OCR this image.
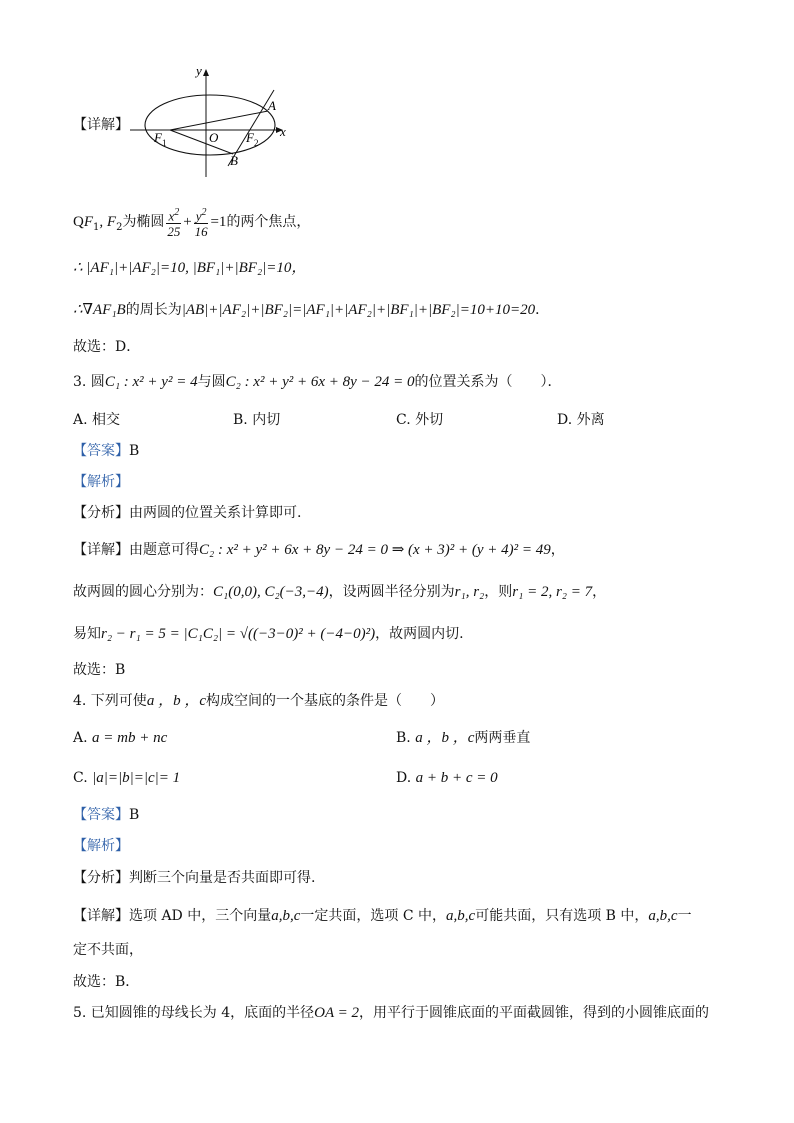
【详解】
y
x
A
B
O
F 1	F 2
$QF_1$, $F_2$为椭圆 $\frac{x^2}{25} + \frac{y^2}{16} =1$的两个焦点，
∴ |AF₁|+|AF₂|=10, |BF₁|+|BF₂|=10，
∴∇AF₁B的周长为|AB|+|AF₂|+|BF₂|=|AF₁|+|AF₂|+|BF₁|+|BF₂|=10+10=20．
故选：D．
3. 圆C₁ : x² + y² = 4与圆C₂ : x² + y² + 6x + 8y − 24 = 0的位置关系为（　　）．
A. 相交	B. 内切	C. 外切	D. 外离
【答案】B
【解析】
【分析】由两圆的位置关系计算即可.
【详解】由题意可得C₂ : x² + y² + 6x + 8y − 24 = 0 ⇒ (x + 3)² + (y + 4)² = 49，
故两圆的圆心分别为：C₁(0,0), C₂(−3,−4)，设两圆半径分别为r₁, r₂，则r₁ = 2, r₂ = 7，
易知r₂ − r₁ = 5 = |C₁C₂| = √((−3−0)² + (−4−0)²)，故两圆内切.
故选：B
4. 下列可使a ，b ，c构成空间的一个基底的条件是（　　）
A. a = mb + nc	B. a ，b ，c两两垂直
C. |a|=|b|=|c|= 1	D. a + b + c = 0
【答案】B
【解析】
【分析】判断三个向量是否共面即可得.
【详解】选项 AD 中，三个向量a,b,c一定共面，选项 C 中，a,b,c可能共面，只有选项 B 中，a,b,c一
定不共面，
故选：B．
5. 已知圆锥的母线长为 4，底面的半径OA = 2，用平行于圆锥底面的平面截圆锥，得到的小圆锥底面的
